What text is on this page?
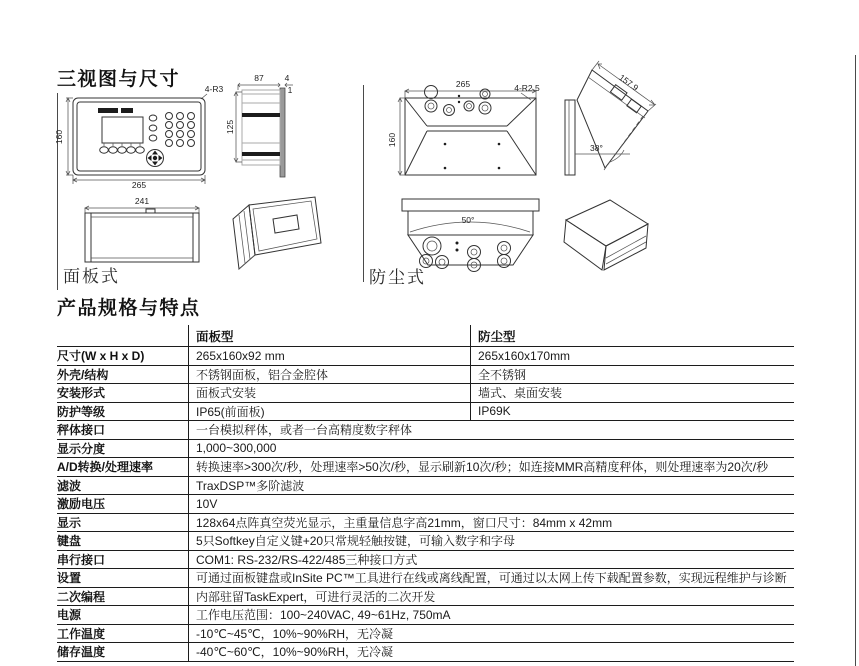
三视图与尺寸
产品规格与特点
4-R3
160
265
87 4
1
125
241
面板式
265	4-R2.5
160
157.9
38°
50°
防尘式
面板型	防尘型
尺寸(W x H x D)	265x160x92 mm	265x160x170mm
外壳/结构	不锈钢面板，铝合金腔体	全不锈钢
安装形式	面板式安装	墙式、桌面安装
防护等级	IP65(前面板)	IP69K
秤体接口	一台模拟秤体，或者一台高精度数字秤体
显示分度	1,000~300,000
A/D转换/处理速率	转换速率>300次/秒，处理速率>50次/秒，显示刷新10次/秒；如连接MMR高精度秤体，则处理速率为20次/秒
滤波	TraxDSP™多阶滤波
激励电压	10V
显示	128x64点阵真空荧光显示，主重量信息字高21mm，窗口尺寸：84mm x 42mm
键盘	5只Softkey自定义键+20只常规轻触按键，可输入数字和字母
串行接口	COM1: RS-232/RS-422/485三种接口方式
设置	可通过面板键盘或InSite PC™工具进行在线或离线配置，可通过以太网上传下载配置参数，实现远程维护与诊断
二次编程	内部驻留TaskExpert，可进行灵活的二次开发
电源	工作电压范围：100~240VAC, 49~61Hz, 750mA
工作温度	-10℃~45℃，10%~90%RH，无冷凝
储存温度	-40℃~60℃，10%~90%RH，无冷凝
